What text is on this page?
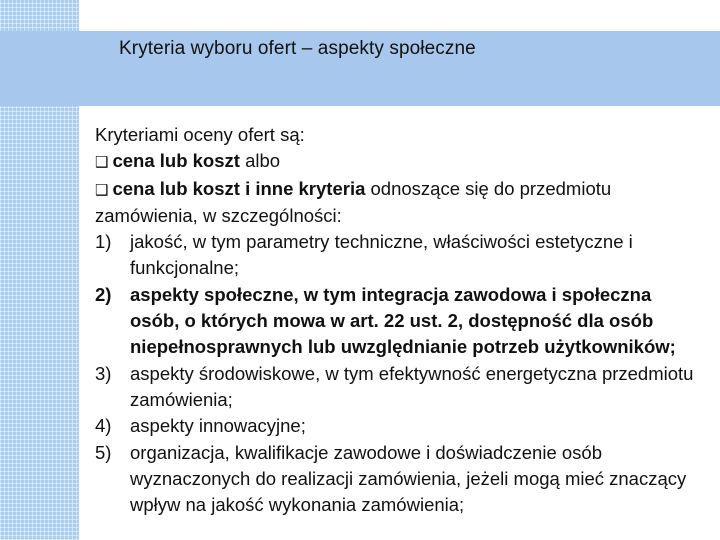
Kryteria wyboru ofert – aspekty społeczne

Kryteriami oceny ofert są:

❑ cena lub koszt albo

❑ cena lub koszt i inne kryteria odnoszące się do przedmiotu zamówienia, w szczególności:

1) jakość, w tym parametry techniczne, właściwości estetyczne i funkcjonalne;
2) aspekty społeczne, w tym integracja zawodowa i społeczna osób, o których mowa w art. 22 ust. 2, dostępność dla osób niepełnosprawnych lub uwzględnianie potrzeb użytkowników;
3) aspekty środowiskowe, w tym efektywność energetyczna przedmiotu zamówienia;
4) aspekty innowacyjne;
5) organizacja, kwalifikacje zawodowe i doświadczenie osób wyznaczonych do realizacji zamówienia, jeżeli mogą mieć znaczący wpływ na jakość wykonania zamówienia;
